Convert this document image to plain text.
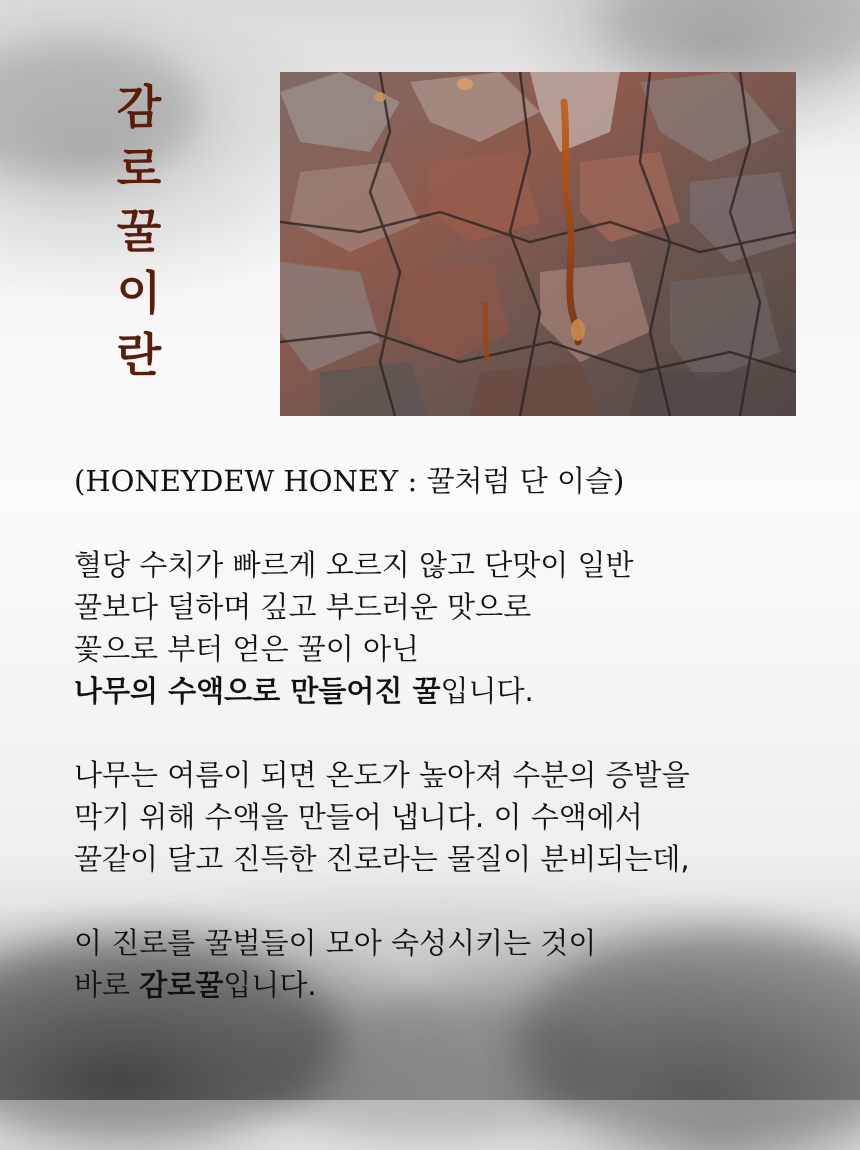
감
로
꿀
이
란
(HONEYDEW HONEY : 꿀처럼 단 이슬)
혈당 수치가 빠르게 오르지 않고 단맛이 일반
꿀보다 덜하며 깊고 부드러운 맛으로
꽃으로 부터 얻은 꿀이 아닌
나무의 수액으로 만들어진 꿀입니다.
나무는 여름이 되면 온도가 높아져 수분의 증발을
막기 위해 수액을 만들어 냅니다. 이 수액에서
꿀같이 달고 진득한 진로라는 물질이 분비되는데,
이 진로를 꿀벌들이 모아 숙성시키는 것이
바로 감로꿀입니다.
